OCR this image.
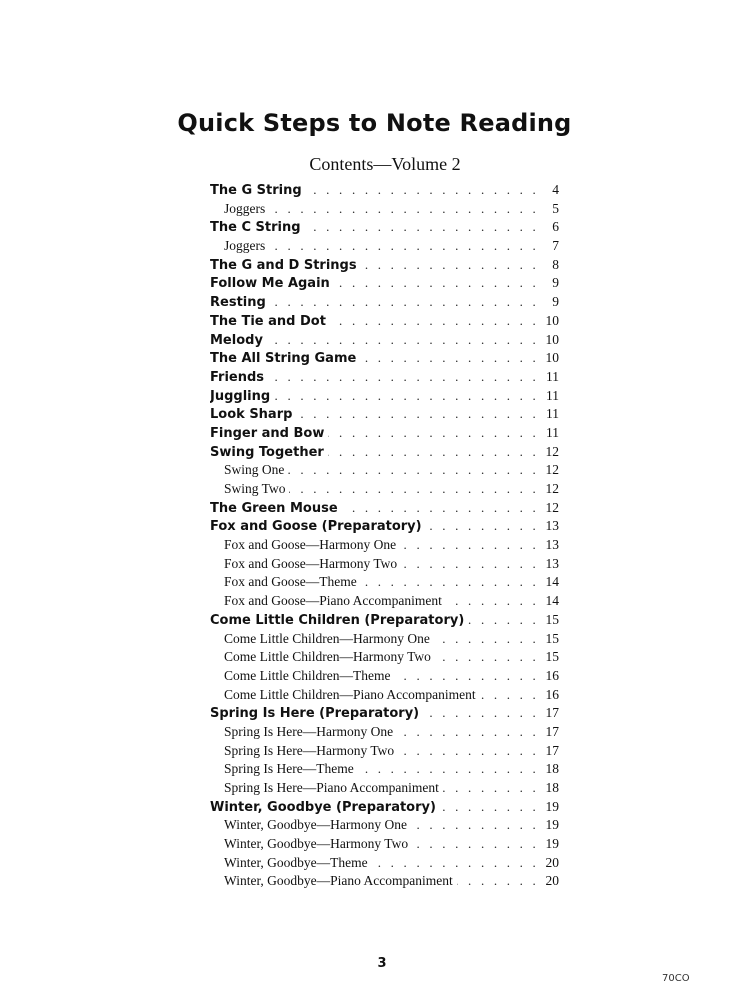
Quick Steps to Note Reading
Contents—Volume 2
The G String . . .	4
Joggers . . .	5
The C String . . .	6
Joggers . . .	7
The G and D Strings . . .	8
Follow Me Again . . .	9
Resting . . .	9
The Tie and Dot . . .	10
Melody . . .	10
The All String Game . . .	10
Friends . . .	11
Juggling . . .	11
Look Sharp . . .	11
Finger and Bow . . .	11
Swing Together . . .	12
Swing One . . .	12
Swing Two . . .	12
The Green Mouse . . .	12
Fox and Goose (Preparatory) . . .	13
Fox and Goose—Harmony One . . .	13
Fox and Goose—Harmony Two . . .	13
Fox and Goose—Theme . . .	14
Fox and Goose—Piano Accompaniment . . .	14
Come Little Children (Preparatory) . . .	15
Come Little Children—Harmony One . . .	15
Come Little Children—Harmony Two . . .	15
Come Little Children—Theme . . .	16
Come Little Children—Piano Accompaniment . . .	16
Spring Is Here (Preparatory) . . .	17
Spring Is Here—Harmony One . . .	17
Spring Is Here—Harmony Two . . .	17
Spring Is Here—Theme . . .	18
Spring Is Here—Piano Accompaniment . . .	18
Winter, Goodbye (Preparatory) . . .	19
Winter, Goodbye—Harmony One . . .	19
Winter, Goodbye—Harmony Two . . .	19
Winter, Goodbye—Theme . . .	20
Winter, Goodbye—Piano Accompaniment . . .	20
3
70CO
